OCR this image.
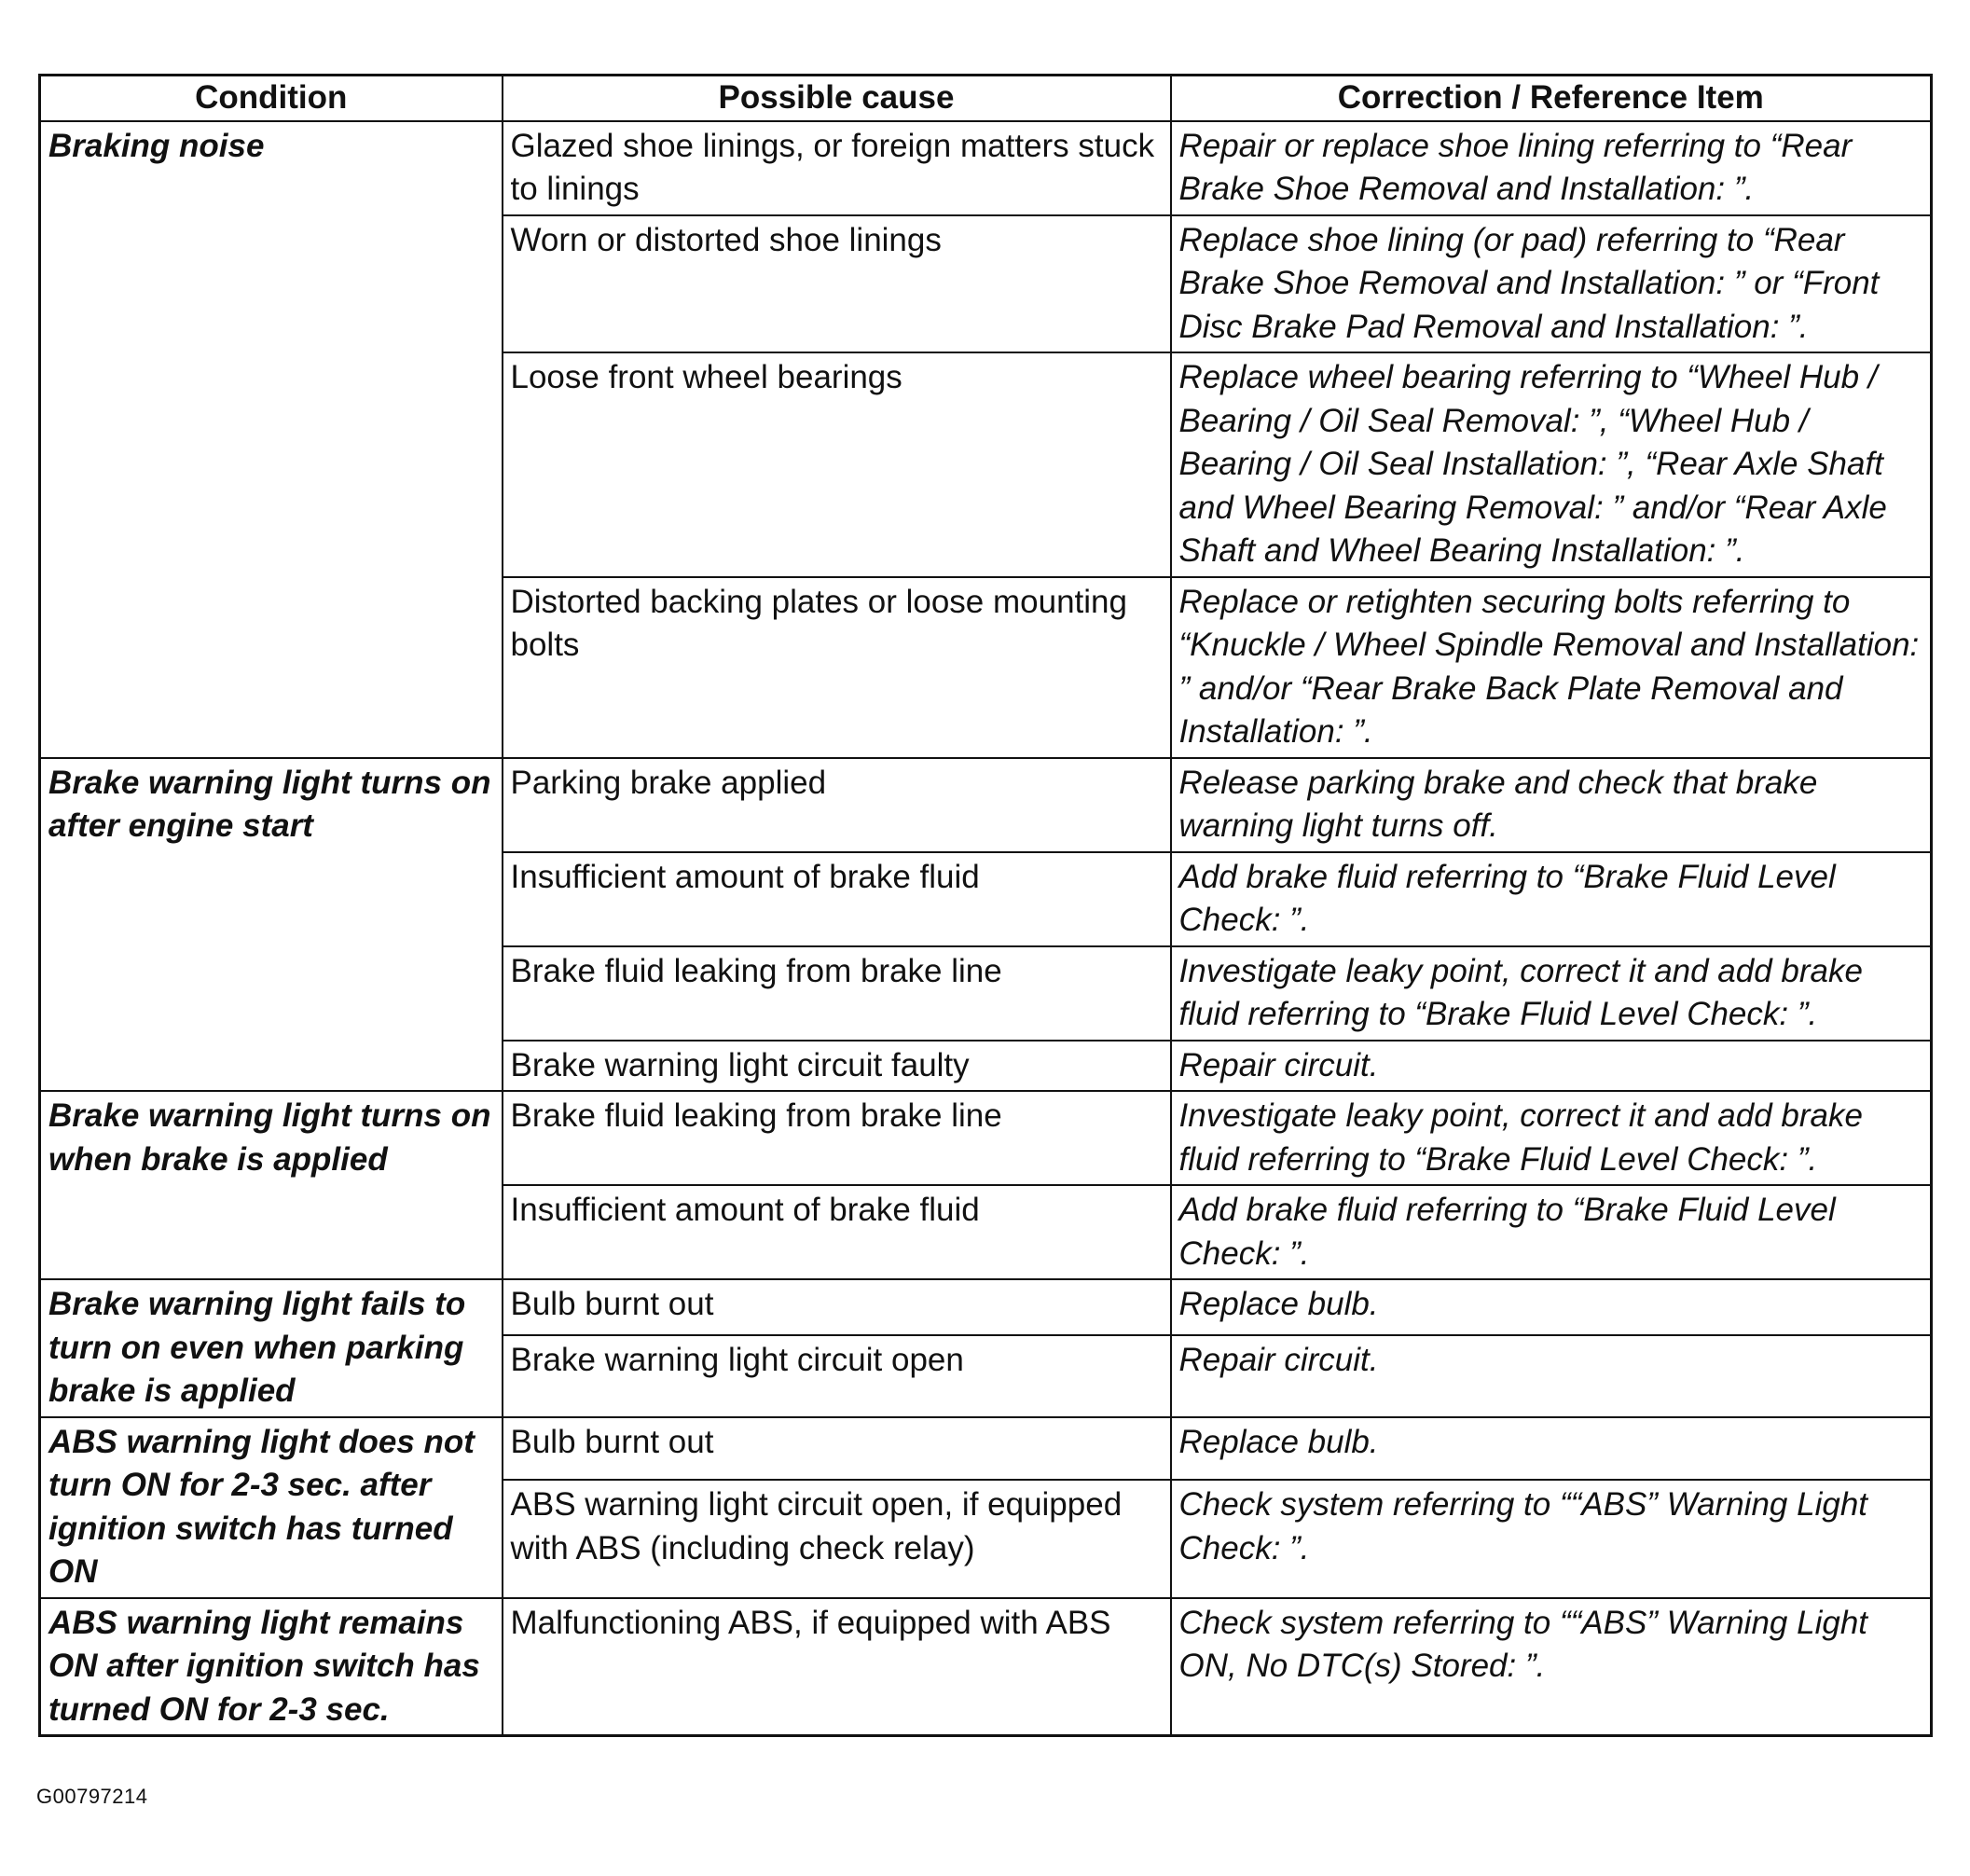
Condition	Possible cause	Correction / Reference Item
Braking noise	Glazed shoe linings, or foreign matters stuck to linings	Repair or replace shoe lining referring to “Rear Brake Shoe Removal and Installation: ”.
	Worn or distorted shoe linings	Replace shoe lining (or pad) referring to “Rear Brake Shoe Removal and Installation: ” or “Front Disc Brake Pad Removal and Installation: ”.
	Loose front wheel bearings	Replace wheel bearing referring to “Wheel Hub / Bearing / Oil Seal Removal: ”, “Wheel Hub / Bearing / Oil Seal Installation: ”, “Rear Axle Shaft and Wheel Bearing Removal: ” and/or “Rear Axle Shaft and Wheel Bearing Installation: ”.
	Distorted backing plates or loose mounting bolts	Replace or retighten securing bolts referring to “Knuckle / Wheel Spindle Removal and Installation: ” and/or “Rear Brake Back Plate Removal and Installation: ”.
Brake warning light turns on after engine start	Parking brake applied	Release parking brake and check that brake warning light turns off.
	Insufficient amount of brake fluid	Add brake fluid referring to “Brake Fluid Level Check: ”.
	Brake fluid leaking from brake line	Investigate leaky point, correct it and add brake fluid referring to “Brake Fluid Level Check: ”.
	Brake warning light circuit faulty	Repair circuit.
Brake warning light turns on when brake is applied	Brake fluid leaking from brake line	Investigate leaky point, correct it and add brake fluid referring to “Brake Fluid Level Check: ”.
	Insufficient amount of brake fluid	Add brake fluid referring to “Brake Fluid Level Check: ”.
Brake warning light fails to turn on even when parking brake is applied	Bulb burnt out	Replace bulb.
	Brake warning light circuit open	Repair circuit.
ABS warning light does not turn ON for 2-3 sec. after ignition switch has turned ON	Bulb burnt out	Replace bulb.
	ABS warning light circuit open, if equipped with ABS (including check relay)	Check system referring to ““ABS” Warning Light Check: ”.
ABS warning light remains ON after ignition switch has turned ON for 2-3 sec.	Malfunctioning ABS, if equipped with ABS	Check system referring to ““ABS” Warning Light ON, No DTC(s) Stored: ”.
G00797214
